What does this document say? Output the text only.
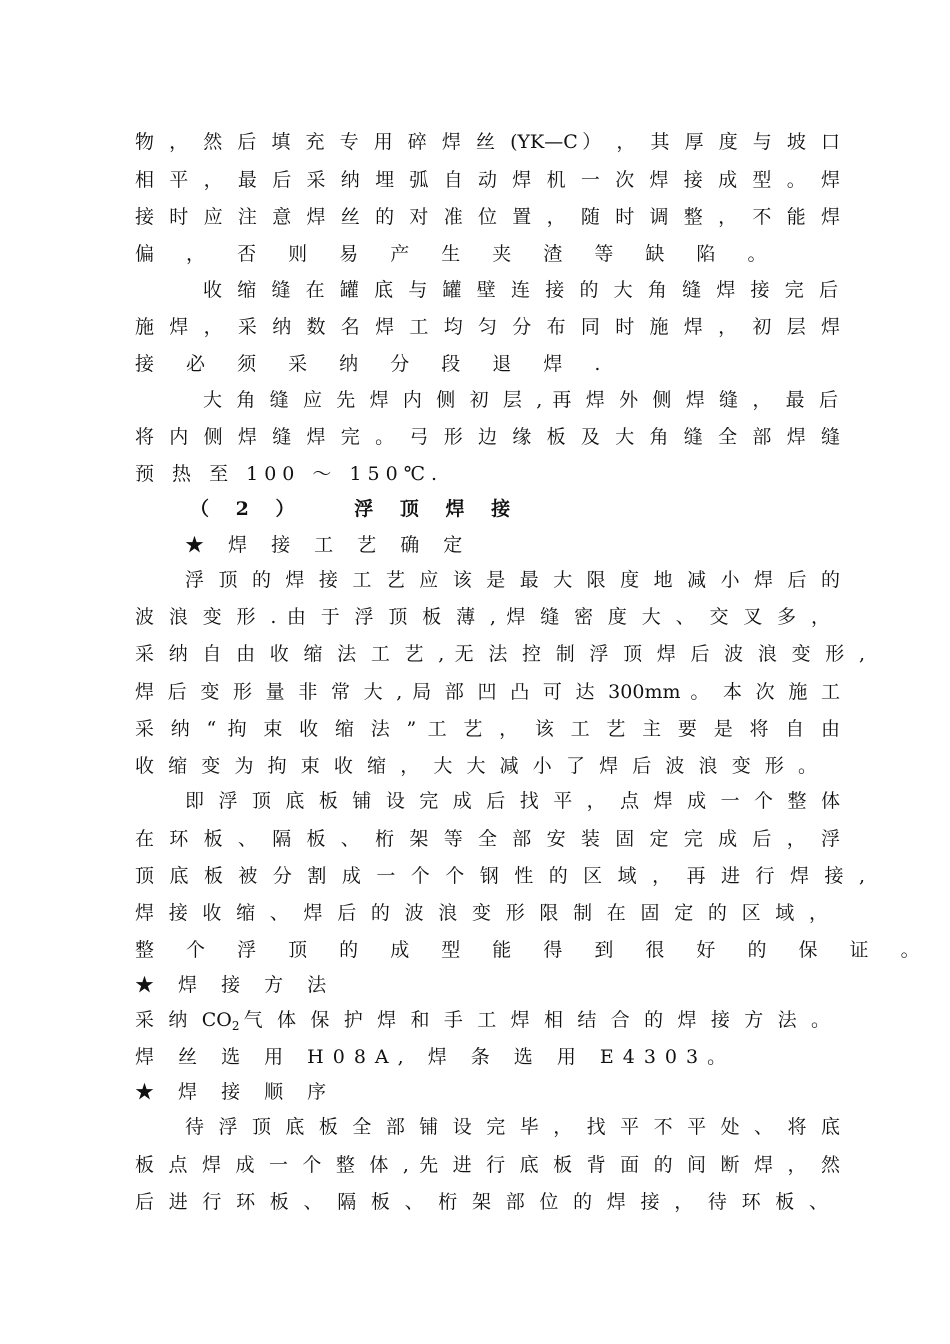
物 ， 然 后 填 充 专 用 碎 焊 丝 (YK—C） ， 其 厚 度 与 坡 口
相 平 ， 最 后 采 纳 埋 弧 自 动 焊 机 一 次 焊 接 成 型 。 焊
接 时 应 注 意 焊 丝 的 对 准 位 置 ， 随 时 调 整 ， 不 能 焊
偏 ， 否 则 易 产 生 夹 渣 等 缺 陷 。
收 缩 缝 在 罐 底 与 罐 壁 连 接 的 大 角 缝 焊 接 完 后
施 焊 ， 采 纳 数 名 焊 工 均 匀 分 布 同 时 施 焊 ， 初 层 焊
接 必 须 采 纳 分 段 退 焊 .
大 角 缝 应 先 焊 内 侧 初 层 , 再 焊 外 侧 焊 缝 ， 最 后
将 内 侧 焊 缝 焊 完 。 弓 形 边 缘 板 及 大 角 缝 全 部 焊 缝
预 热 至 100 ～ 150℃.
（ 2 ）   浮 顶 焊 接
★ 焊 接 工 艺 确 定
浮 顶 的 焊 接 工 艺 应 该 是 最 大 限 度 地 减 小 焊 后 的
波 浪 变 形 . 由 于 浮 顶 板 薄 , 焊 缝 密 度 大 、 交 叉 多 ，
采 纳 自 由 收 缩 法 工 艺 , 无 法 控 制 浮 顶 焊 后 波 浪 变 形 ,
焊 后 变 形 量 非 常 大 , 局 部 凹 凸 可 达 300mm 。 本 次 施 工
采 纳 “ 拘 束 收 缩 法 ” 工 艺 ， 该 工 艺 主 要 是 将 自 由
收 缩 变 为 拘 束 收 缩 ， 大 大 减 小 了 焊 后 波 浪 变 形 。
即 浮 顶 底 板 铺 设 完 成 后 找 平 ， 点 焊 成 一 个 整 体
在 环 板 、 隔 板 、 桁 架 等 全 部 安 装 固 定 完 成 后 ， 浮
顶 底 板 被 分 割 成 一 个 个 钢 性 的 区 域 ， 再 进 行 焊 接 ,
焊 接 收 缩 、 焊 后 的 波 浪 变 形 限 制 在 固 定 的 区 域 ，
整 个 浮 顶 的 成 型 能 得 到 很 好 的 保 证 。
★ 焊 接 方 法
采 纳 $CO_2$气 体 保 护 焊 和 手 工 焊 相 结 合 的 焊 接 方 法 。
焊 丝 选 用 H08A, 焊 条 选 用 E4303。
★ 焊 接 顺 序
待 浮 顶 底 板 全 部 铺 设 完 毕 ， 找 平 不 平 处 、 将 底
板 点 焊 成 一 个 整 体 , 先 进 行 底 板 背 面 的 间 断 焊 ， 然
后 进 行 环 板 、 隔 板 、 桁 架 部 位 的 焊 接 ， 待 环 板 、
